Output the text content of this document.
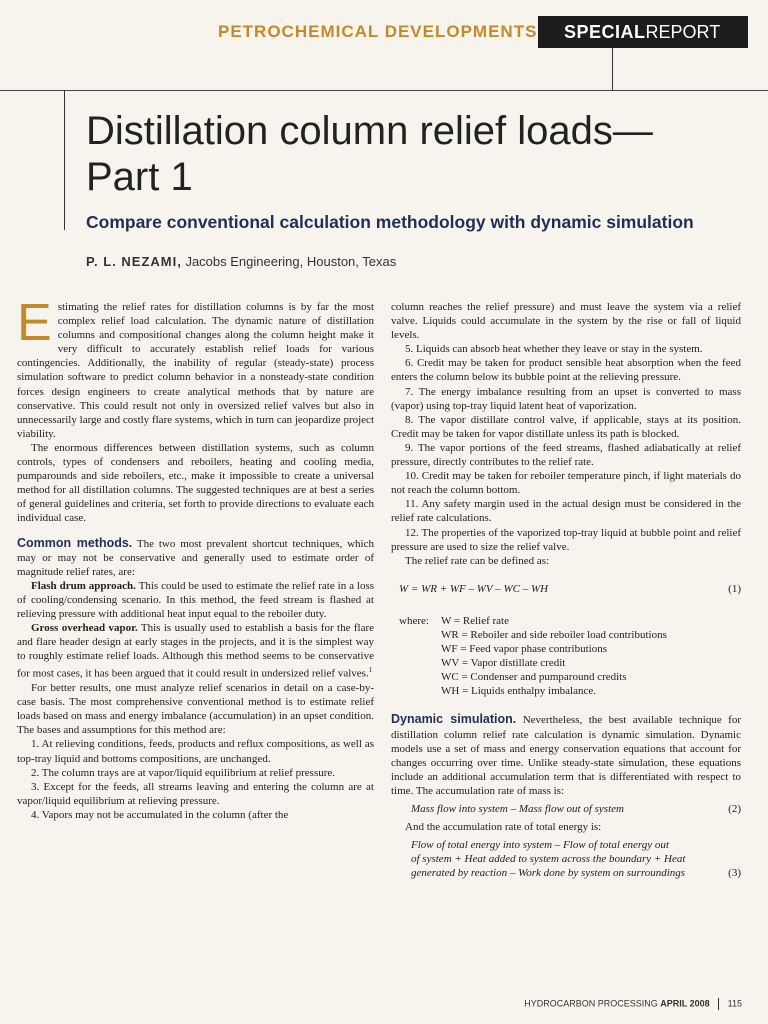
PETROCHEMICAL DEVELOPMENTS	SPECIALREPORT
Distillation column relief loads—
Part 1
Compare conventional calculation methodology with dynamic simulation
P. L. NEZAMI, Jacobs Engineering, Houston, Texas

Estimating the relief rates for distillation columns is by far the most complex relief load calculation. The dynamic nature of distillation columns and compositional changes along the column height make it very difficult to accurately establish relief loads for various contingencies. Additionally, the inability of regular (steady-state) process simulation software to predict column behavior in a nonsteady-state condition forces design engineers to create analytical methods that by nature are conservative. This could result not only in oversized relief valves but also in unnecessarily large and costly flare systems, which in turn can jeopardize project viability.

The enormous differences between distillation systems, such as column controls, types of condensers and reboilers, heating and cooling media, pumparounds and side reboilers, etc., make it impossible to create a universal method for all distillation columns. The suggested techniques are at best a series of general guidelines and criteria, set forth to provide directions to evaluate each individual case.

Common methods. The two most prevalent shortcut techniques, which may or may not be conservative and generally used to estimate order of magnitude relief rates, are:

Flash drum approach. This could be used to estimate the relief rate in a loss of cooling/condensing scenario. In this method, the feed stream is flashed at relieving pressure with additional heat input equal to the reboiler duty.

Gross overhead vapor. This is usually used to establish a basis for the flare and flare header design at early stages in the projects, and it is the simplest way to roughly estimate relief loads. Although this method seems to be conservative for most cases, it has been argued that it could result in undersized relief valves.$^1$

For better results, one must analyze relief scenarios in detail on a case-by-case basis. The most comprehensive conventional method is to estimate relief loads based on mass and energy imbalance (accumulation) in an upset condition. The bases and assumptions for this method are:

1. At relieving conditions, feeds, products and reflux compositions, as well as top-tray liquid and bottoms compositions, are unchanged.

2. The column trays are at vapor/liquid equilibrium at relief pressure.

3. Except for the feeds, all streams leaving and entering the column are at vapor/liquid equilibrium at relieving pressure.

4. Vapors may not be accumulated in the column (after the

column reaches the relief pressure) and must leave the system via a relief valve. Liquids could accumulate in the system by the rise or fall of liquid levels.

5. Liquids can absorb heat whether they leave or stay in the system.

6. Credit may be taken for product sensible heat absorption when the feed enters the column below its bubble point at the relieving pressure.

7. The energy imbalance resulting from an upset is converted to mass (vapor) using top-tray liquid latent heat of vaporization.

8. The vapor distillate control valve, if applicable, stays at its position. Credit may be taken for vapor distillate unless its path is blocked.

9. The vapor portions of the feed streams, flashed adiabatically at relief pressure, directly contributes to the relief rate.

10. Credit may be taken for reboiler temperature pinch, if light materials do not reach the column bottom.

11. Any safety margin used in the actual design must be considered in the relief rate calculations.

12. The properties of the vaporized top-tray liquid at bubble point and relief pressure are used to size the relief valve.

The relief rate can be defined as:

W = WR + WF – WV – WC – WH	(1)
where:	W = Relief rate
WR = Reboiler and side reboiler load contributions
WF = Feed vapor phase contributions
WV = Vapor distillate credit
WC = Condenser and pumparound credits
WH = Liquids enthalpy imbalance.

Dynamic simulation. Nevertheless, the best available technique for distillation column relief rate calculation is dynamic simulation. Dynamic models use a set of mass and energy conservation equations that account for changes occurring over time. Unlike steady-state simulation, these equations include an additional accumulation term that is differentiated with respect to time. The accumulation rate of mass is:

Mass flow into system – Mass flow out of system	(2)

And the accumulation rate of total energy is:

Flow of total energy into system – Flow of total energy out
of system + Heat added to system across the boundary + Heat
generated by reaction – Work done by system on surroundings	(3)
HYDROCARBON PROCESSING APRIL 2008 115
